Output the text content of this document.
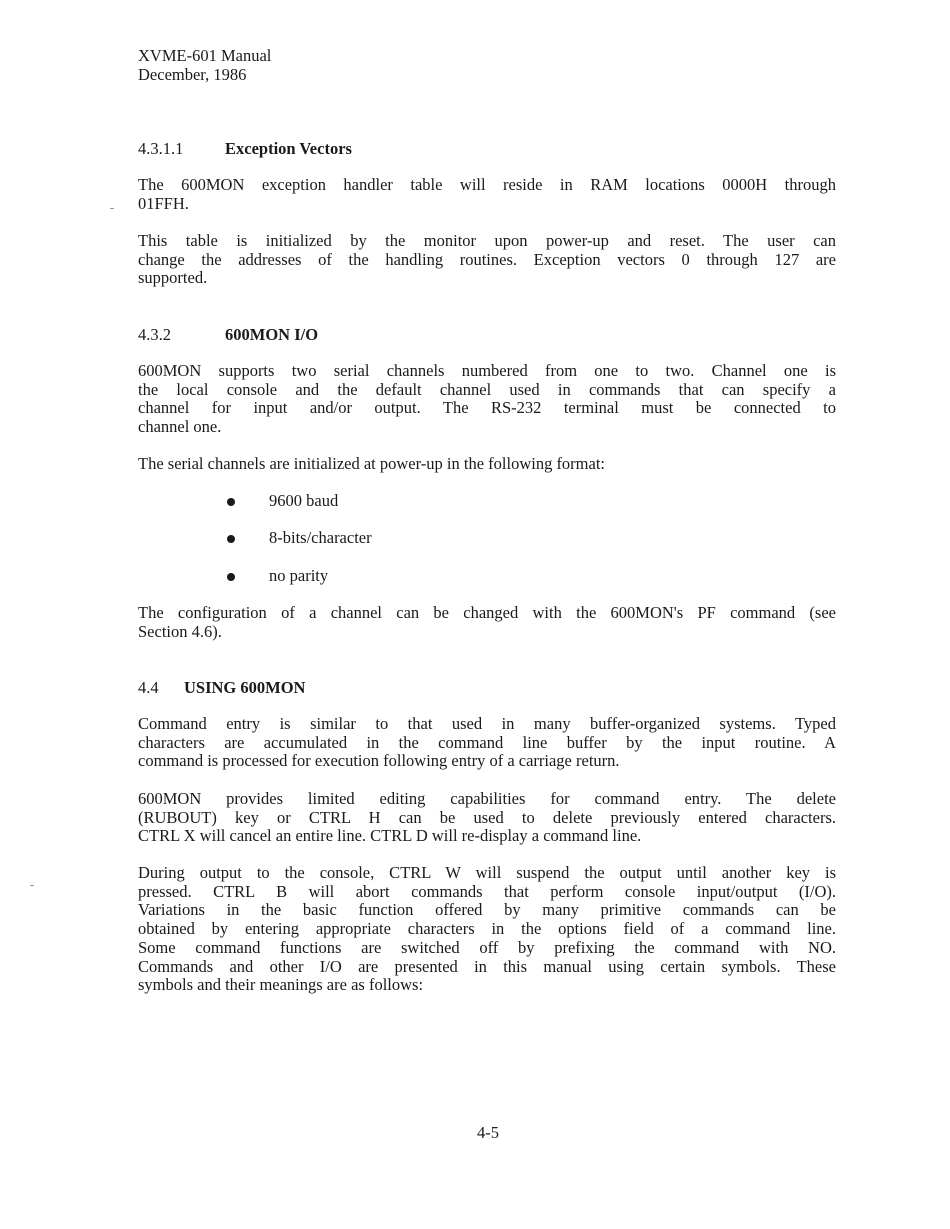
XVME-601 Manual
December, 1986
4.3.1.1	Exception Vectors

The 600MON exception handler table will reside in RAM locations 0000H through
01FFH.

This table is initialized by the monitor upon power-up and reset. The user can
change the addresses of the handling routines. Exception vectors 0 through 127 are
supported.

4.3.2	600MON I/O

600MON supports two serial channels numbered from one to two. Channel one is
the local console and the default channel used in commands that can specify a
channel for input and/or output. The RS-232 terminal must be connected to
channel one.

The serial channels are initialized at power-up in the following format:

9600 baud
8-bits/character
no parity

The configuration of a channel can be changed with the 600MON's PF command (see
Section 4.6).

4.4 USING 600MON

Command entry is similar to that used in many buffer-organized systems. Typed
characters are accumulated in the command line buffer by the input routine. A
command is processed for execution following entry of a carriage return.

600MON provides limited editing capabilities for command entry. The delete
(RUBOUT) key or CTRL H can be used to delete previously entered characters.
CTRL X will cancel an entire line. CTRL D will re-display a command line.

During output to the console, CTRL W will suspend the output until another key is
pressed. CTRL B will abort commands that perform console input/output (I/O).
Variations in the basic function offered by many primitive commands can be
obtained by entering appropriate characters in the options field of a command line.
Some command functions are switched off by prefixing the command with NO.
Commands and other I/O are presented in this manual using certain symbols. These
symbols and their meanings are as follows:

4-5
